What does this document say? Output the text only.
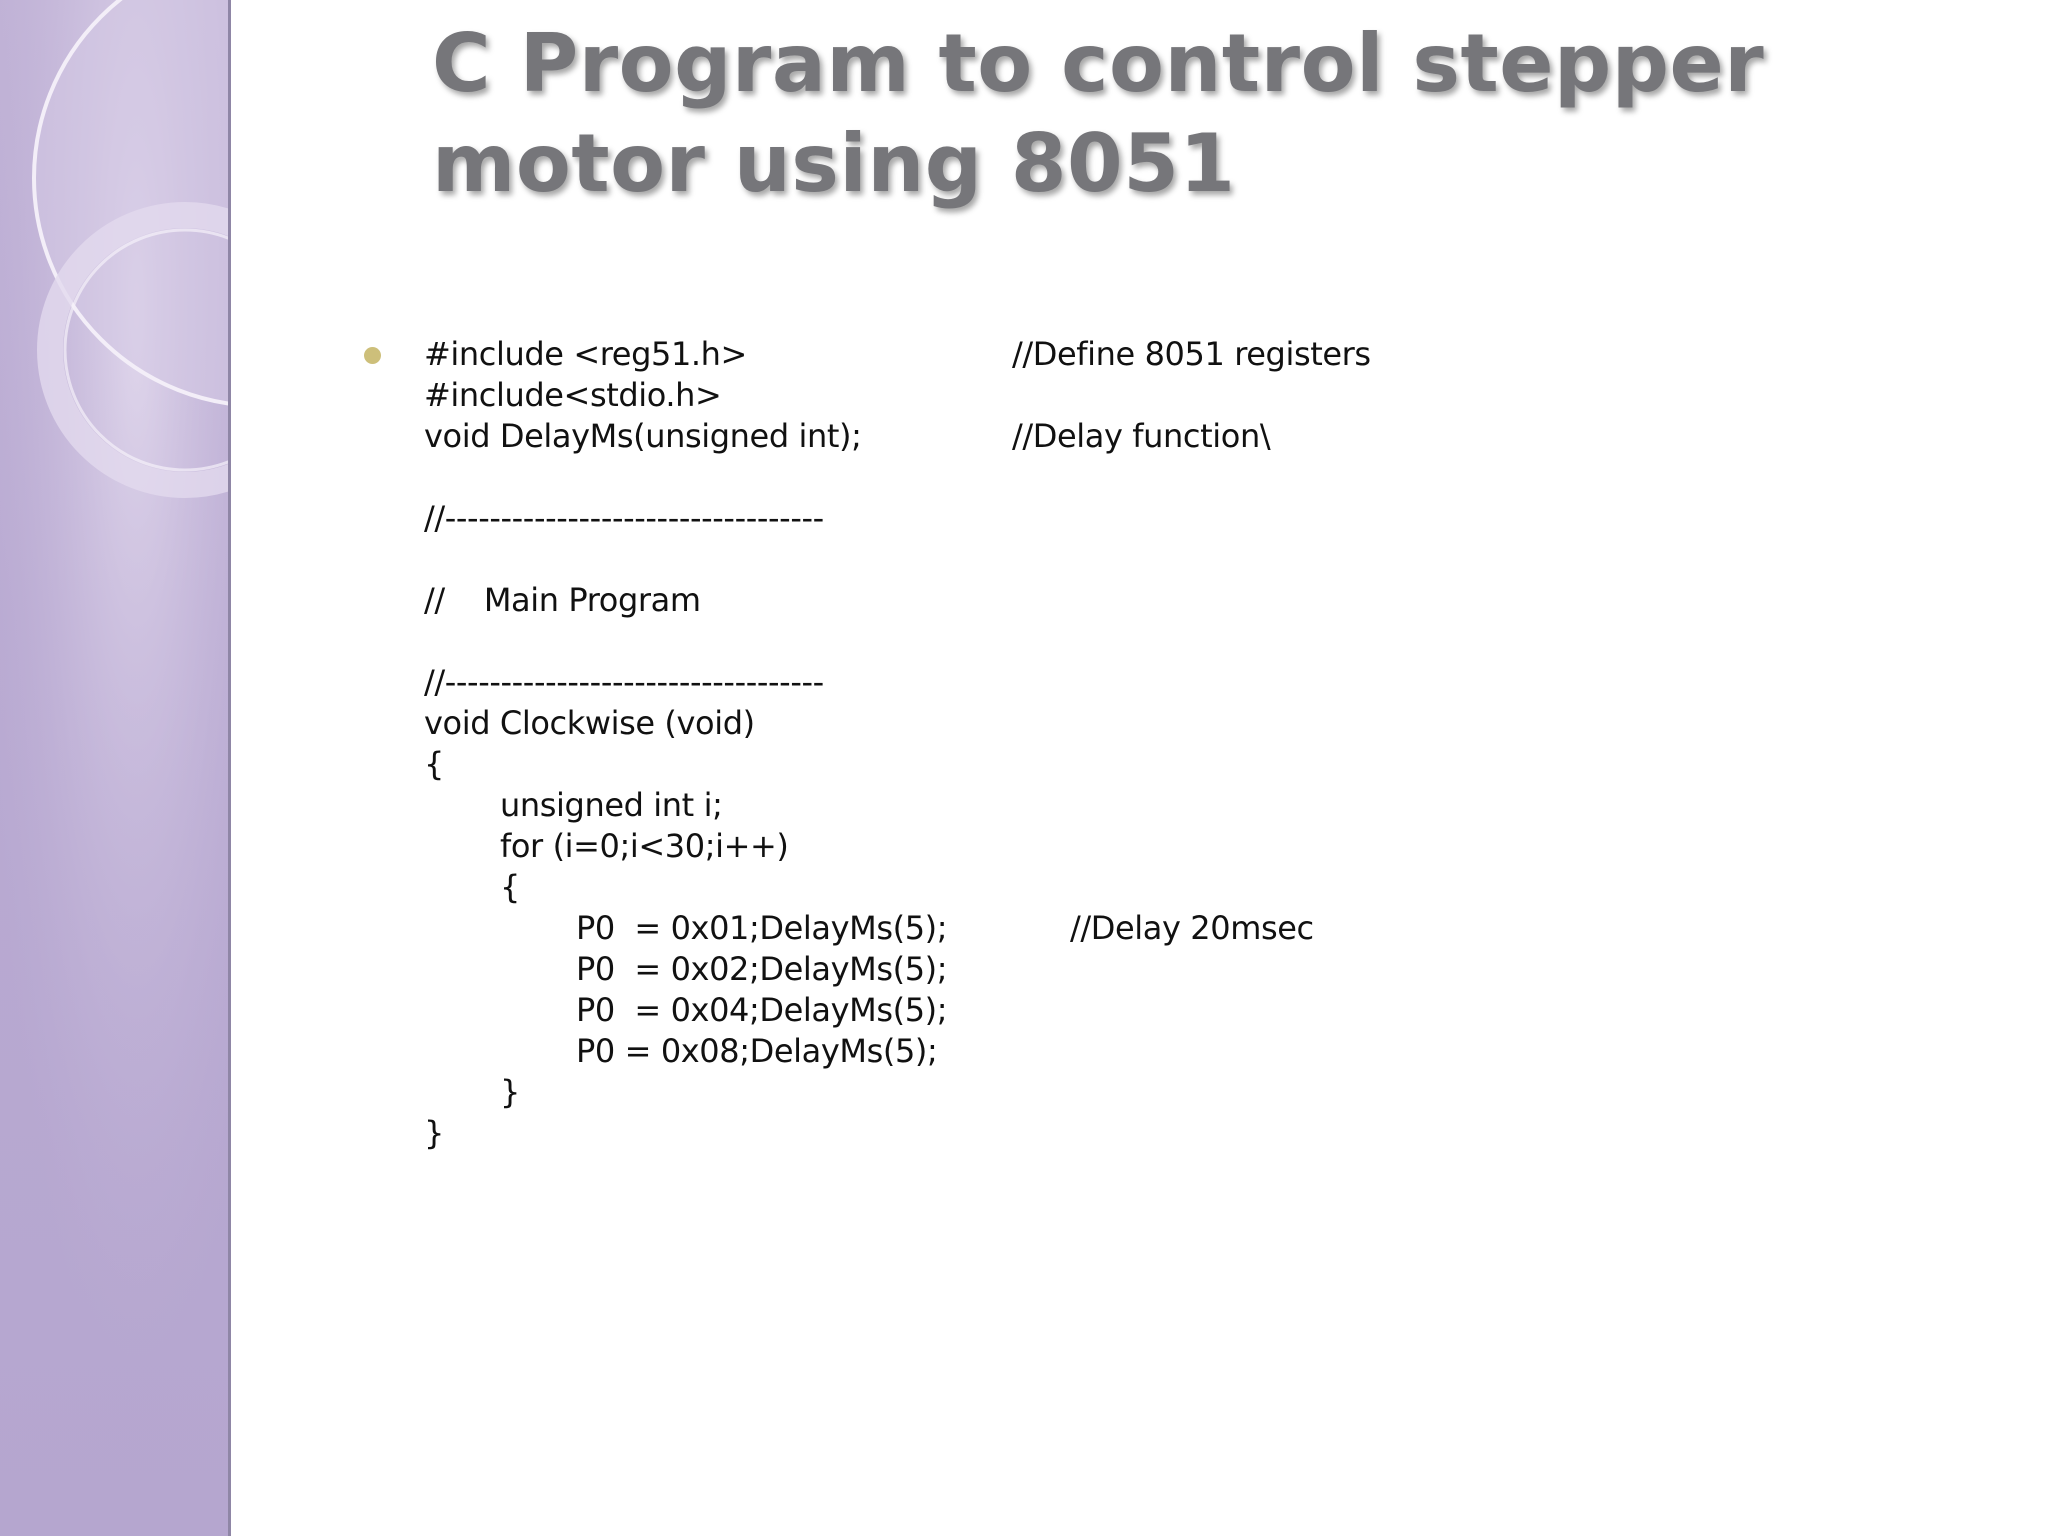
C Program to control stepper motor using 8051
#include <reg51.h>	//Define 8051 registers
#include<stdio.h>
void DelayMs(unsigned int);	//Delay function\
//----------------------------------
//    Main Program
//----------------------------------
void Clockwise (void)
{
unsigned int i;
for (i=0;i<30;i++)
{
P0  = 0x01;DelayMs(5);	//Delay 20msec
P0  = 0x02;DelayMs(5);
P0  = 0x04;DelayMs(5);
P0 = 0x08;DelayMs(5);
}
}
